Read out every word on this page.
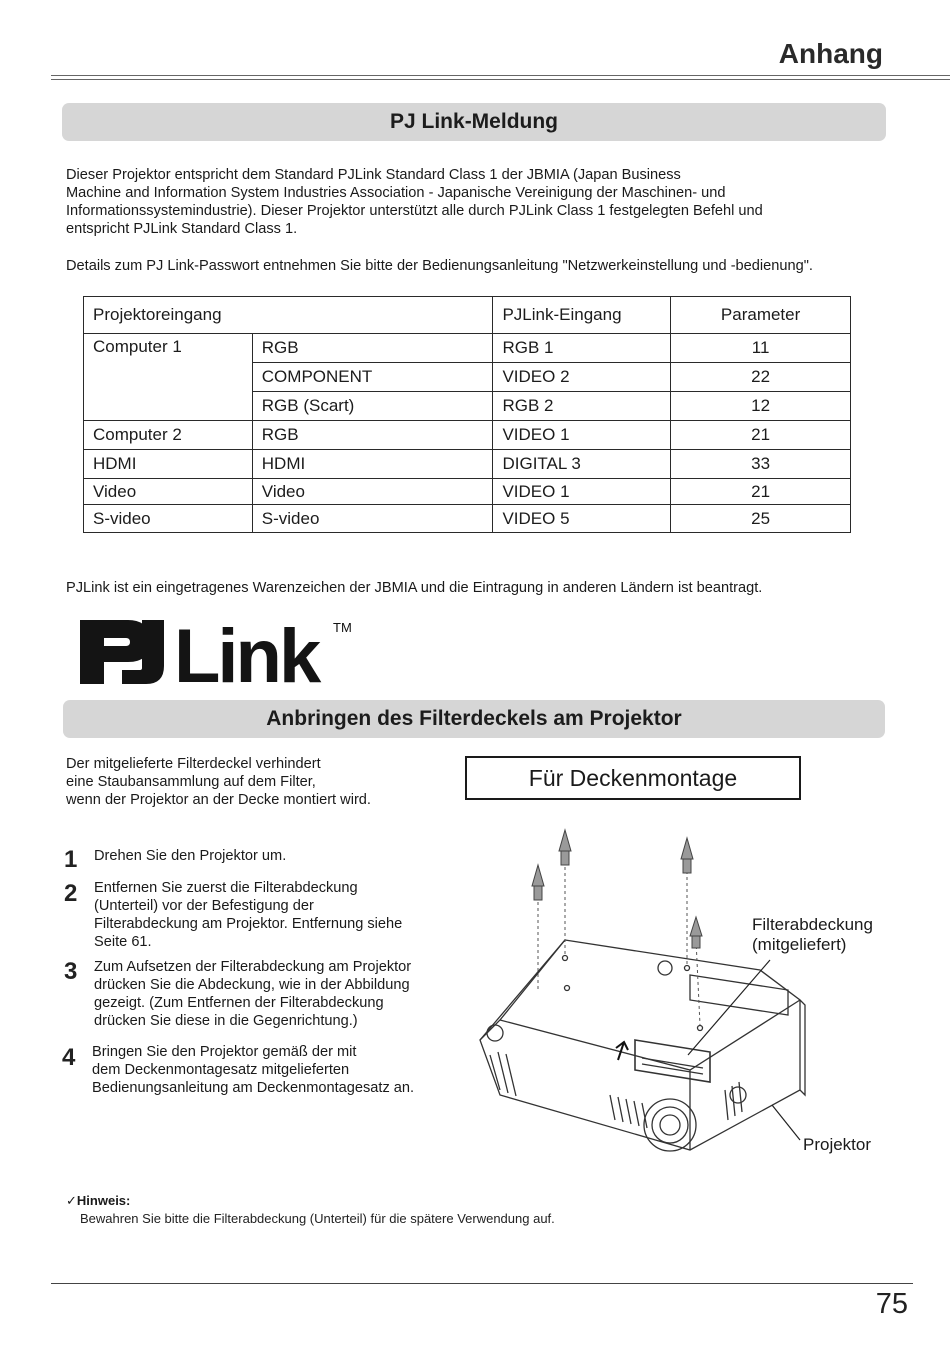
Anhang
PJ Link-Meldung
Dieser Projektor entspricht dem Standard PJLink Standard Class 1 der JBMIA (Japan Business
Machine and Information System Industries Association - Japanische Vereinigung der Maschinen- und
Informationssystemindustrie). Dieser Projektor unterstützt alle durch PJLink Class 1 festgelegten Befehl und
entspricht PJLink Standard Class 1.
Details zum PJ Link-Passwort entnehmen Sie bitte der Bedienungsanleitung "Netzwerkeinstellung und -bedienung".
Projektoreingang		PJLink-Eingang	Parameter
Computer 1	RGB	RGB 1	11
	COMPONENT	VIDEO 2	22
	RGB (Scart)	RGB 2	12
Computer 2	RGB	VIDEO 1	21
HDMI	HDMI	DIGITAL 3	33
Video	Video	VIDEO 1	21
S-video	S-video	VIDEO 5	25
PJLink ist ein eingetragenes Warenzeichen der JBMIA und die Eintragung in anderen Ländern ist beantragt.
Link TM
Anbringen des Filterdeckels am Projektor
Der mitgelieferte Filterdeckel verhindert
eine Staubansammlung auf dem Filter,
wenn der Projektor an der Decke montiert wird.
Für Deckenmontage
1 Drehen Sie den Projektor um.
2 Entfernen Sie zuerst die Filterabdeckung
(Unterteil) vor der Befestigung der
Filterabdeckung am Projektor. Entfernung siehe
Seite 61.
3 Zum Aufsetzen der Filterabdeckung am Projektor
drücken Sie die Abdeckung, wie in der Abbildung
gezeigt. (Zum Entfernen der Filterabdeckung
drücken Sie diese in die Gegenrichtung.)
4 Bringen Sie den Projektor gemäß der mit
dem Deckenmontagesatz mitgelieferten
Bedienungsanleitung am Deckenmontagesatz an.
Filterabdeckung
(mitgeliefert)
Projektor
✓Hinweis:
Bewahren Sie bitte die Filterabdeckung (Unterteil) für die spätere Verwendung auf.
75
